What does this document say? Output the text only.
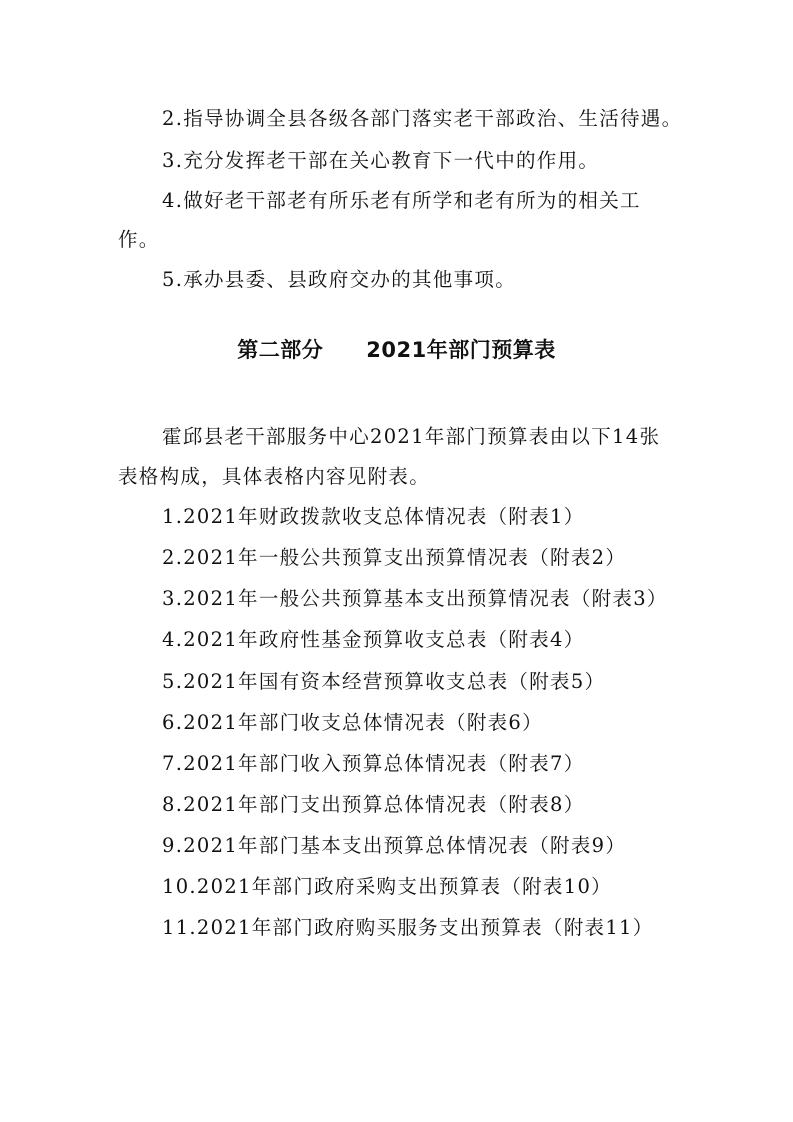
2.指导协调全县各级各部门落实老干部政治、生活待遇。
3.充分发挥老干部在关心教育下一代中的作用。
4.做好老干部老有所乐老有所学和老有所为的相关工
作。
5.承办县委、县政府交办的其他事项。
第二部分　　2021年部门预算表
霍邱县老干部服务中心2021年部门预算表由以下14张
表格构成，具体表格内容见附表。
1.2021年财政拨款收支总体情况表（附表1）
2.2021年一般公共预算支出预算情况表（附表2）
3.2021年一般公共预算基本支出预算情况表（附表3）
4.2021年政府性基金预算收支总表（附表4）
5.2021年国有资本经营预算收支总表（附表5）
6.2021年部门收支总体情况表（附表6）
7.2021年部门收入预算总体情况表（附表7）
8.2021年部门支出预算总体情况表（附表8）
9.2021年部门基本支出预算总体情况表（附表9）
10.2021年部门政府采购支出预算表（附表10）
11.2021年部门政府购买服务支出预算表（附表11）
